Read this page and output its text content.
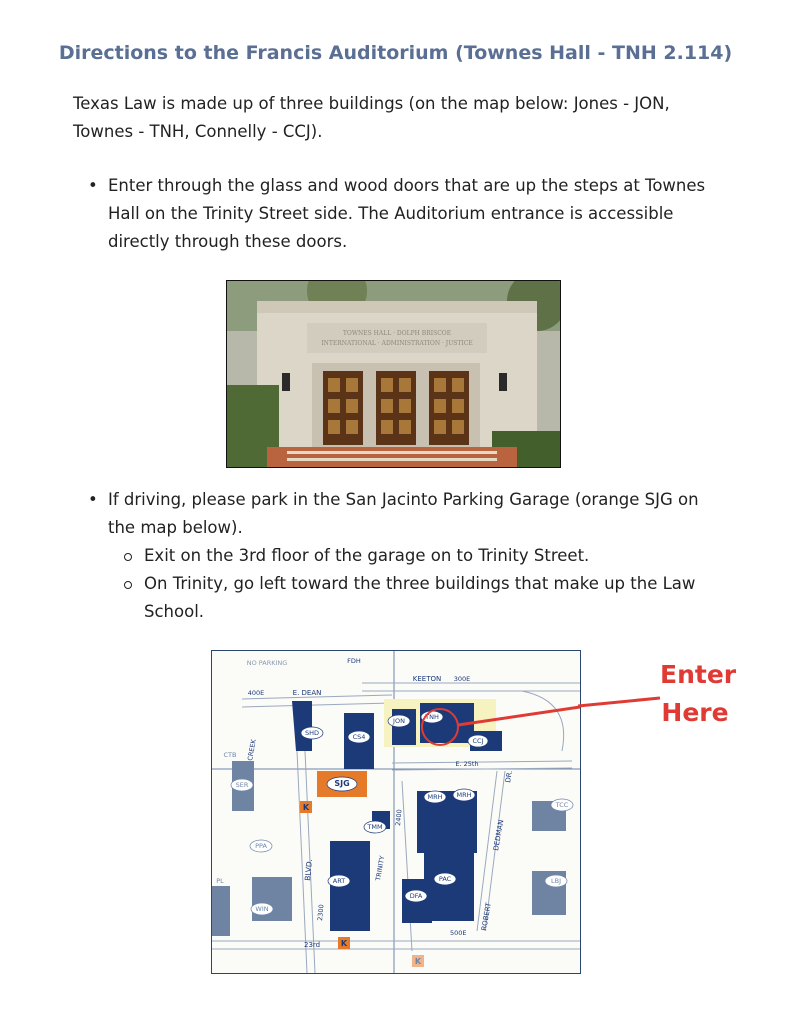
Directions to the Francis Auditorium (Townes Hall - TNH 2.114)
Texas Law is made up of three buildings (on the map below: Jones - JON, Townes - TNH, Connelly - CCJ).
• Enter through the glass and wood doors that are up the steps at Townes Hall on the Trinity Street side. The Auditorium entrance is accessible directly through these doors.
TOWNES HALL · DOLPH BRISCOE
INTERNATIONAL · ADMINISTRATION · JUSTICE
• If driving, please park in the San Jacinto Parking Garage (orange SJG on the map below).
Exit on the 3rd floor of the garage on to Trinity Street.
On Trinity, go left toward the three buildings that make up the Law School.
NO PARKING	FDH
KEETON
E. DEAN
300E
400E
E. 25th
JON	TNH
CCJ
SHD	CS4
CTB
SER	SJG
MRH MRH
TMM
TCC
PPA
ART	PAC
DFA
LBJ
WIN
LTH
PL
CREEK
BLVD.	TRINITY
2400
2300	ROBERT
DEDMAN
DR.
23rd
500E
K
K
K
Enter
Here
